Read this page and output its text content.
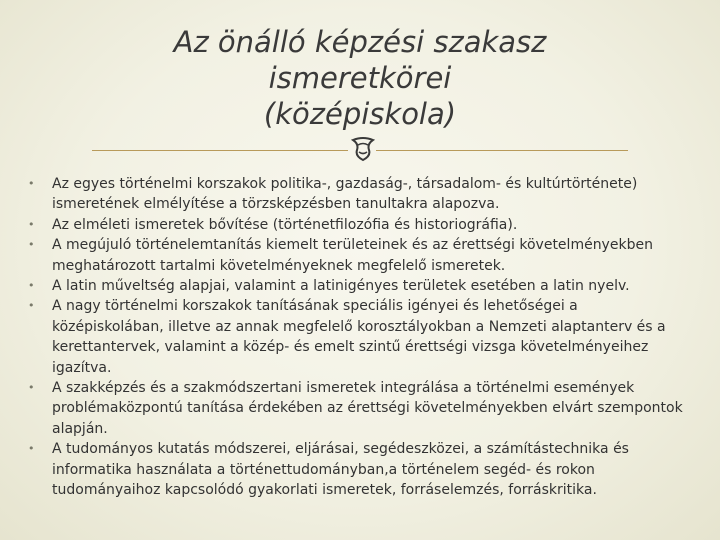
Az önálló képzési szakasz
ismeretkörei
(középiskola)
• Az egyes történelmi korszakok politika-, gazdaság-, társadalom- és kultúrtörténete) ismeretének elmélyítése a törzsképzésben tanultakra alapozva.
• Az elméleti ismeretek bővítése (történetfilozófia és historiográfia).
• A megújuló történelemtanítás kiemelt területeinek és az érettségi követelményekben meghatározott tartalmi követelményeknek megfelelő ismeretek.
• A latin műveltség alapjai, valamint a latinigényes területek esetében a latin nyelv.
• A nagy történelmi korszakok tanításának speciális igényei és lehetőségei a középiskolában, illetve az annak megfelelő korosztályokban a Nemzeti alaptanterv és a kerettantervek, valamint a közép- és emelt szintű érettségi vizsga követelményeihez igazítva.
• A szakképzés és a szakmódszertani ismeretek integrálása a történelmi események problémaközpontú tanítása érdekében az érettségi követelményekben elvárt szempontok alapján.
• A tudományos kutatás módszerei, eljárásai, segédeszközei, a számítástechnika és informatika használata a történettudományban,a történelem segéd- és rokon tudományaihoz kapcsolódó gyakorlati ismeretek, forráselemzés, forráskritika.
